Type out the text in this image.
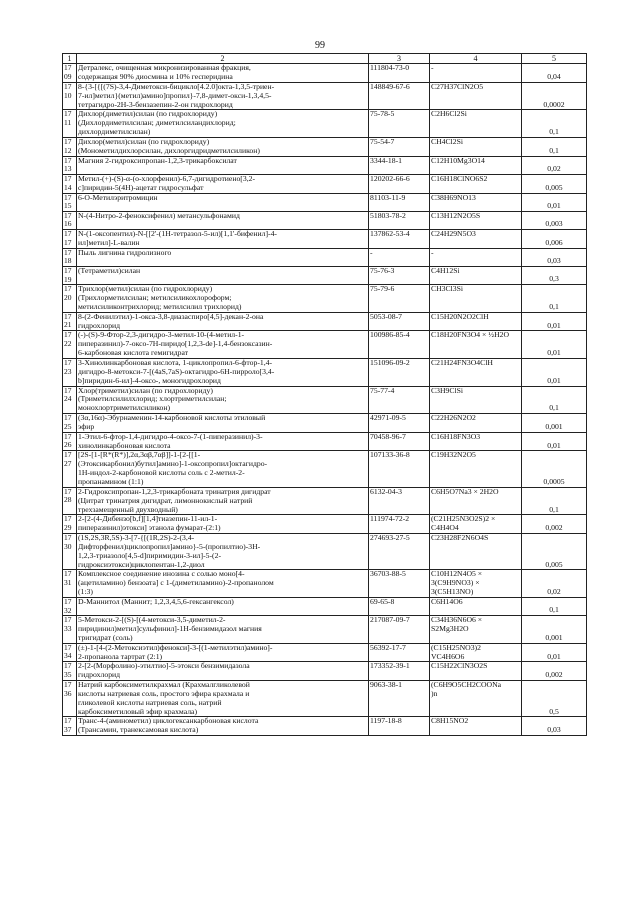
99
1	2	3	4	5
1709	Детралекс, очищенная микронизированная фракция,
содержащая 90% диосмина и 10% гесперидина	111804-73-0	-	0,04
1710	8-{3-[{[(7S)-3,4-Диметокси-бицикло[4.2.0]окта-1,3,5-триен-
7-ил]метил}(метил)амино]пропил}-7,8-димет-окси-1,3,4,5-
тетрагидро-2Н-3-бензазепин-2-он гидрохлорид	148849-67-6	C27H37ClN2O5	0,0002
1711	Дихлор(диметил)силан (по гидрохлориду)
(Дихлордиметилсилан; диметилсиландихлорид;
дихлордиметилсилан)	75-78-5	C2H6Cl2Si	0,1
1712	Дихлор(метил)силан (по гидрохлориду)
(Монометилдихлорсилан, дихлоргидридметилсиликон)	75-54-7	CH4Cl2Si	0,1
1713	Магния 2-гидроксипропан-1,2,3-трикарбоксилат	3344-18-1	C12H10Mg3O14	0,02
1714	Метил-(+)-(S)-α-(о-хлорфенил)-6,7-дигидротиено[3,2-
с]пиридин-5(4Н)-ацетат гидросульфат	120202-66-6	C16H18ClNO6S2	0,005
1715	6-О-Метилэритромицин	81103-11-9	C38H69NO13	0,01
1716	N-(4-Нитро-2-феноксифенил) метансульфонамид	51803-78-2	C13H12N2O5S	0,003
1717	N-(1-оксопентил)-N-[[2'-(1Н-тетразол-5-ил)[1,1'-бифенил]-4-
ил]метил]-L-валин	137862-53-4	C24H29N5O3	0,006
1718	Пыль лигнина гидролизного	-	-	0,03
1719	(Тетраметил)силан	75-76-3	C4H12Si	0,3
1720	Трихлор(метил)силан (по гидрохлориду)
(Трихлорметилсилан; метилсиликохлороформ;
метилсиликонтрихлорид; метилсилил трихлорид)	75-79-6	CH3Cl3Si	0,1
1721	8-(2-Фенилэтил)-1-окса-3,8-диазаспиро[4,5]-декан-2-она
гидрохлорид	5053-08-7	C15H20N2O2ClH	0,01
1722	(-)-(S)-9-Фтор-2,3-дигидро-3-метил-10-(4-метил-1-
пиперазинил)-7-оксо-7Н-пиридо[1,2,3-de]-1,4-бензоксазин-
6-карбоновая кислота гемигидрат	100986-85-4	C18H20FN3O4 × ½H2O	0,01
1723	3-Хинолинкарбоновая кислота, 1-циклопропил-6-фтор-1,4-
дигидро-8-метокси-7-[(4aS,7aS)-октагидро-6Н-пирроло[3,4-
b]пиридин-6-ил]-4-оксо-, моногидрохлорид	151096-09-2	C21H24FN3O4ClH	0,01
1724	Хлор(триметил)силан (по гидрохлориду)
(Триметилсилилхлорид; хлортриметилсилан;
монохлортриметилсиликон)	75-77-4	C3H9ClSi	0,1
1725	(3α,16α)-Эбурнаменин-14-карбоновой кислоты этиловый
эфир	42971-09-5	C22H26N2O2	0,001
1726	1-Этил-6-фтор-1,4-дигидро-4-оксо-7-(1-пиперазинил)-3-
хинолинкарбоновая кислота	70458-96-7	C16H18FN3O3	0,01
1727	[2S-[1-[R*(R*)],2α,3αβ,7αβ]]-1-[2-[[1-
(Этоксикарбонил)бутил]амино]-1-оксопропил]октагидро-
1Н-индол-2-карбоновой кислоты соль с 2-метил-2-
пропанамином (1:1)	107133-36-8	C19H32N2O5	0,0005
1728	2-Гидроксипропан-1,2,3-трикарбоната тринатрия дигидрат
(Цитрат тринатрия дигидрат, лимоннокислый натрий
трехзамещенный двухводный)	6132-04-3	C6H5O7Na3 × 2H2O	0,1
1729	2-[2-(4-Дибензо[b,f][1,4]тиазепин-11-ил-1-
пиперазинил)этокси] этанола фумарат-(2:1)	111974-72-2	(C21H25N3O2S)2 ×
C4H4O4	0,002
1730	(1S,2S,3R,5S)-3-[7-{[(1R,2S)-2-(3,4-
Дифторфенил)циклопропил]амино}-5-(пропилтио)-3Н-
1,2,3-триазоло[4,5-d]пиримидин-3-ил]-5-(2-
гидроксиэтокси)циклопентан-1,2-диол	274693-27-5	C23H28F2N6O4S	0,005
1731	Комплексное соединение инозина с солью моно[4-
(ацетиламино) бензоата] с 1-(диметиламино)-2-пропанолом
(1:3)	36703-88-5	C10H12N4O5 ×
3(C9H9NO3) ×
3(C5H13NO)	0,02
1732	D-Маннитол (Маннит; 1,2,3,4,5,6-гексангексол)	69-65-8	C6H14O6	0,1
1733	5-Метокси-2-[(S)-[(4-метокси-3,5-диметил-2-
пиридинил)метил]сульфинил]-1Н-бензимидазол магния
тригидрат (соль)	217087-09-7	C34H36N6O6 ×
S2Mg3H2O	0,001
1734	(±)-1-[4-(2-Метоксиэтил)фенокси]-3-[(1-метилэтил)амино]-
2-пропанола тартрат (2:1)	56392-17-7	(C15H25NO3)2
VC4H6O6	0,01
1735	2-[2-(Морфолино)-этилтио]-5-этокси бензимидазола
гидрохлорид	173352-39-1	C15H22ClN3O2S	0,002
1736	Натрий карбоксиметилкрахмал (Крахмалгликолевой
кислоты натриевая соль, простого эфира крахмала и
гликолевой кислоты натриевая соль, натрий
карбоксиметиловый эфир крахмала)	9063-38-1	(C6H9O5CH2COONa
)n	0,5
1737	Транс-4-(аминометил) циклогексанкарбоновая кислота
(Трансамин, транексамовая кислота)	1197-18-8	C8H15NO2	0,03
